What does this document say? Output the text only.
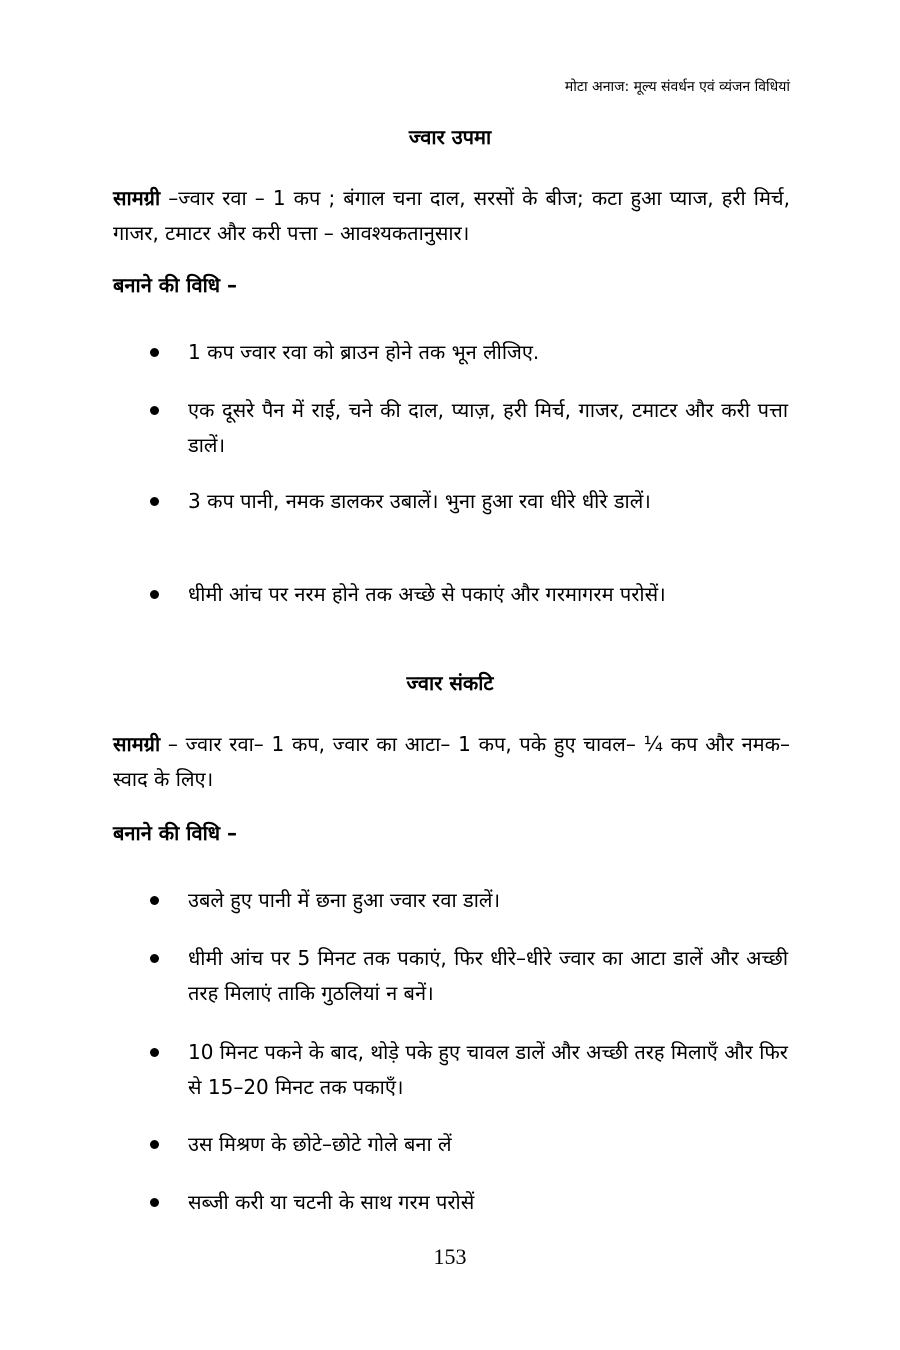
मोटा अनाज: मूल्य संवर्धन एवं व्यंजन विधियां
ज्वार उपमा
सामग्री –ज्वार रवा – 1 कप ; बंगाल चना दाल, सरसों के बीज; कटा हुआ प्याज, हरी मिर्च, गाजर, टमाटर और करी पत्ता – आवश्यकतानुसार।
बनाने की विधि –
1 कप ज्वार रवा को ब्राउन होने तक भून लीजिए.
एक दूसरे पैन में राई, चने की दाल, प्याज़, हरी मिर्च, गाजर, टमाटर और करी पत्ता डालें।
3 कप पानी, नमक डालकर उबालें। भुना हुआ रवा धीरे धीरे डालें।
धीमी आंच पर नरम होने तक अच्छे से पकाएं और गरमागरम परोसें।
ज्वार संकटि
सामग्री – ज्वार रवा– 1 कप, ज्वार का आटा– 1 कप, पके हुए चावल– ¼ कप और नमक– स्वाद के लिए।
बनाने की विधि –
उबले हुए पानी में छना हुआ ज्वार रवा डालें।
धीमी आंच पर 5 मिनट तक पकाएं, फिर धीरे–धीरे ज्वार का आटा डालें और अच्छी तरह मिलाएं ताकि गुठलियां न बनें।
10 मिनट पकने के बाद, थोड़े पके हुए चावल डालें और अच्छी तरह मिलाएँ और फिर से 15–20 मिनट तक पकाएँ।
उस मिश्रण के छोटे–छोटे गोले बना लें
सब्जी करी या चटनी के साथ गरम परोसें
153
